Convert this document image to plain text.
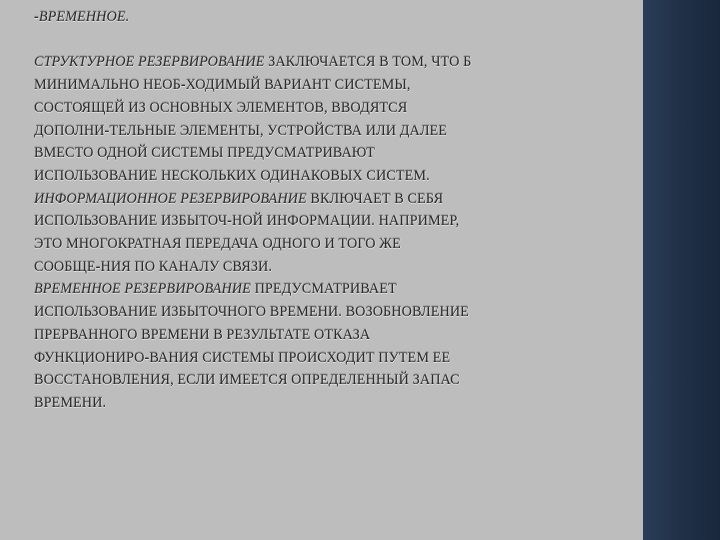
-ВРЕМЕННОЕ.
СТРУКТУРНОЕ РЕЗЕРВИРОВАНИЕ ЗАКЛЮЧАЕТСЯ В ТОМ, ЧТО Б
МИНИМАЛЬНО НЕОБ-ХОДИМЫЙ ВАРИАНТ СИСТЕМЫ,
СОСТОЯЩЕЙ ИЗ ОСНОВНЫХ ЭЛЕМЕНТОВ, ВВОДЯТСЯ
ДОПОЛНИ-ТЕЛЬНЫЕ ЭЛЕМЕНТЫ, УСТРОЙСТВА ИЛИ ДАЛЕЕ
ВМЕСТО ОДНОЙ СИСТЕМЫ ПРЕДУСМАТРИВАЮТ
ИСПОЛЬЗОВАНИЕ НЕСКОЛЬКИХ ОДИНАКОВЫХ СИСТЕМ.
ИНФОРМАЦИОННОЕ РЕЗЕРВИРОВАНИЕ ВКЛЮЧАЕТ В СЕБЯ
ИСПОЛЬЗОВАНИЕ ИЗБЫТОЧ-НОЙ ИНФОРМАЦИИ. НАПРИМЕР,
ЭТО МНОГОКРАТНАЯ ПЕРЕДАЧА ОДНОГО И ТОГО ЖЕ
СООБЩЕ-НИЯ ПО КАНАЛУ СВЯЗИ.
ВРЕМЕННОЕ РЕЗЕРВИРОВАНИЕ ПРЕДУСМАТРИВАЕТ
ИСПОЛЬЗОВАНИЕ ИЗБЫТОЧНОГО ВРЕМЕНИ. ВОЗОБНОВЛЕНИЕ
ПРЕРВАННОГО ВРЕМЕНИ В РЕЗУЛЬТАТЕ ОТКАЗА
ФУНКЦИОНИРО-ВАНИЯ СИСТЕМЫ ПРОИСХОДИТ ПУТЕМ ЕЕ
ВОССТАНОВЛЕНИЯ, ЕСЛИ ИМЕЕТСЯ ОПРЕДЕЛЕННЫЙ ЗАПАС
ВРЕМЕНИ.
